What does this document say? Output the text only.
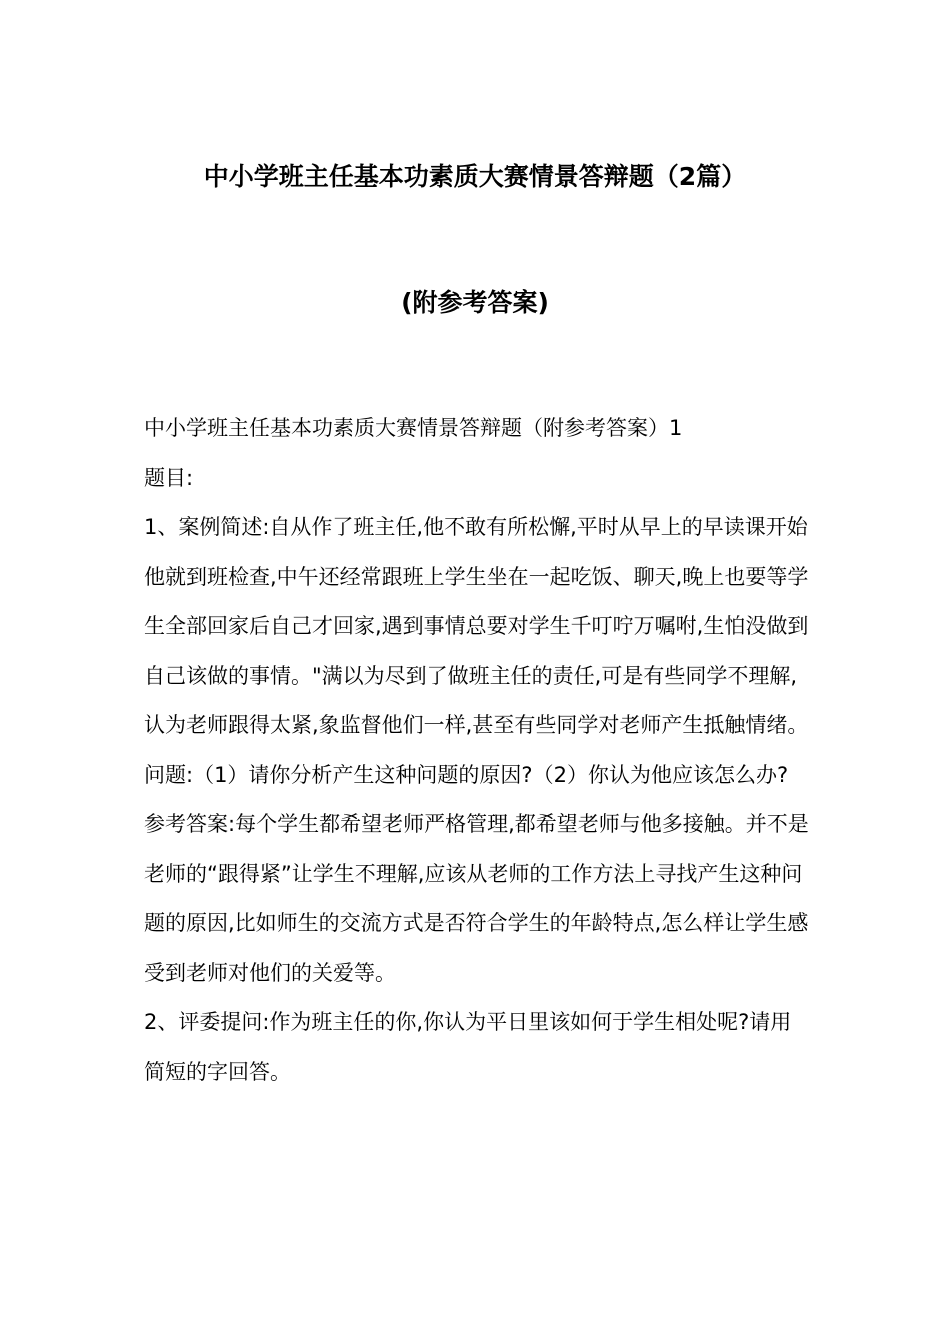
中小学班主任基本功素质大赛情景答辩题（2篇）
(附参考答案)

中小学班主任基本功素质大赛情景答辩题（附参考答案）1

题目:

1、案例简述:自从作了班主任,他不敢有所松懈,平时从早上的早读课开始他就到班检查,中午还经常跟班上学生坐在一起吃饭、聊天,晚上也要等学生全部回家后自己才回家,遇到事情总要对学生千叮咛万嘱咐,生怕没做到自己该做的事情。"满以为尽到了做班主任的责任,可是有些同学不理解,认为老师跟得太紧,象监督他们一样,甚至有些同学对老师产生抵触情绪。

问题:（1）请你分析产生这种问题的原因?（2）你认为他应该怎么办?

参考答案:每个学生都希望老师严格管理,都希望老师与他多接触。并不是老师的“跟得紧”让学生不理解,应该从老师的工作方法上寻找产生这种问题的原因,比如师生的交流方式是否符合学生的年龄特点,怎么样让学生感受到老师对他们的关爱等。

2、评委提问:作为班主任的你,你认为平日里该如何于学生相处呢?请用简短的字回答。
